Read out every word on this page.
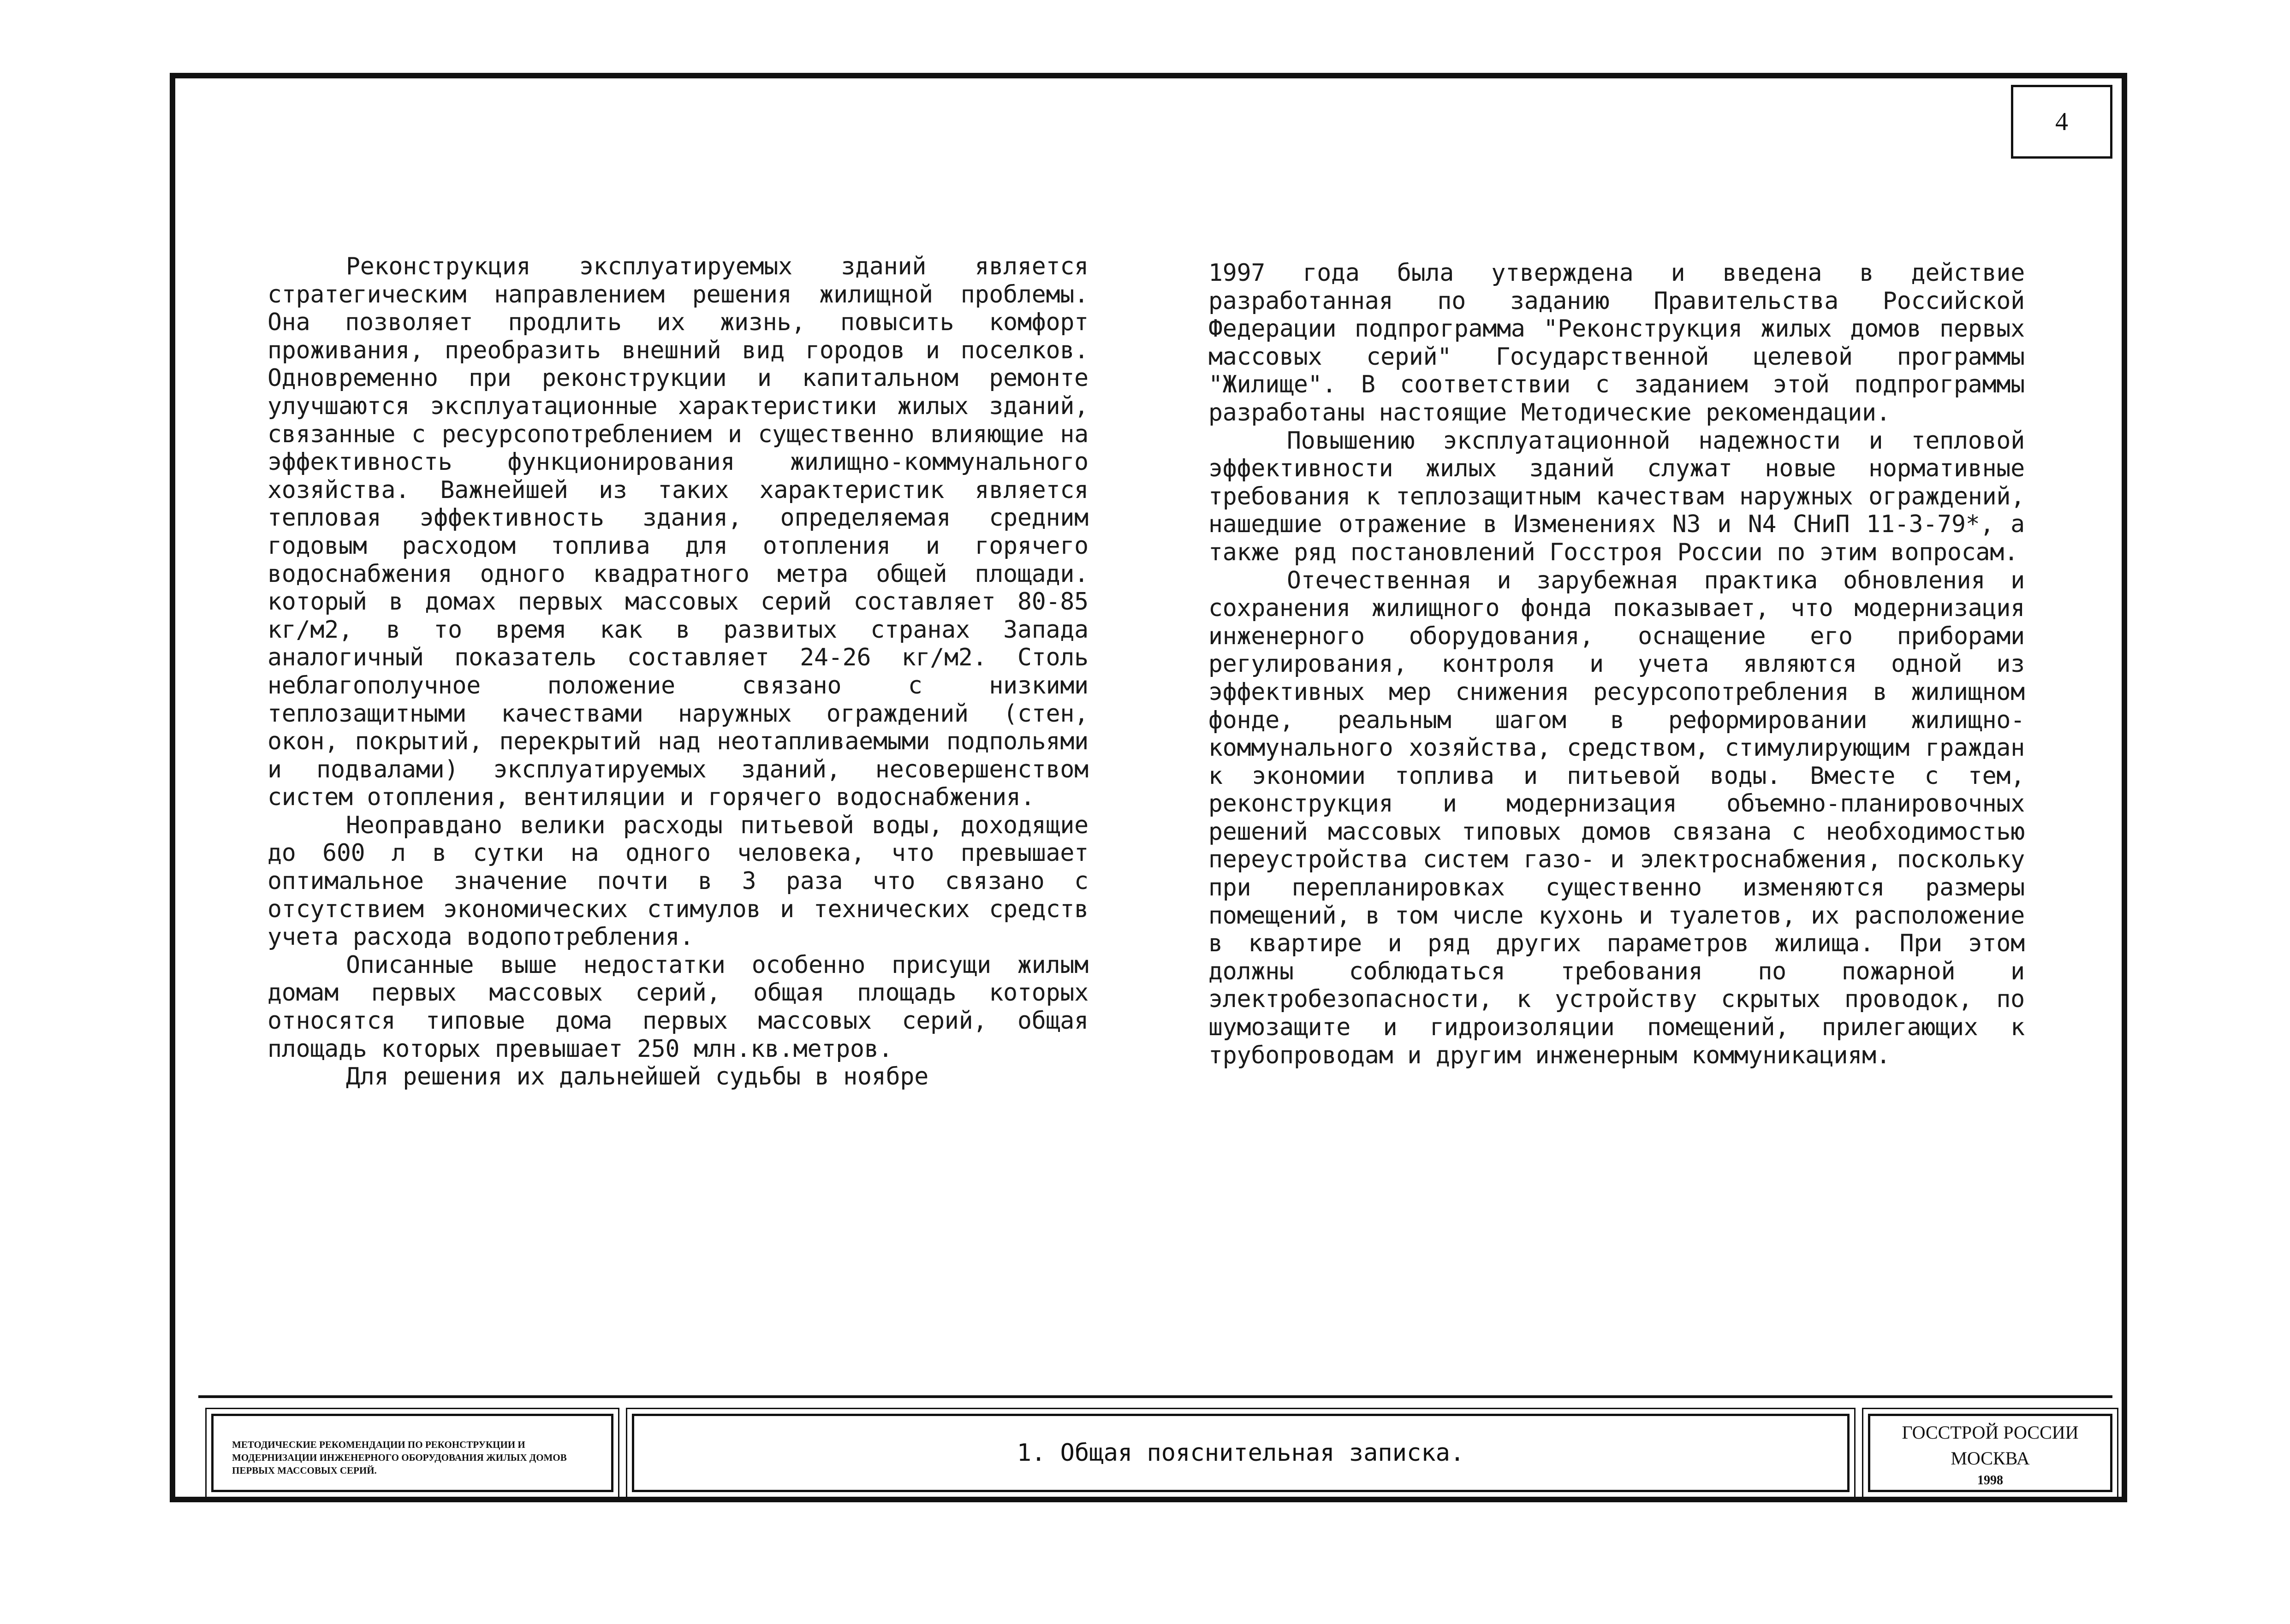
4

Реконструкция эксплуатируемых зданий является стратегическим направлением решения жилищной проблемы. Она позволяет продлить их жизнь, повысить комфорт проживания, преобразить внешний вид городов и поселков. Одновременно при реконструкции и капитальном ремонте улучшаются эксплуатационные характеристики жилых зданий, связанные с ресурсопотреблением и существенно влияющие на эффективность функционирования жилищно-коммунального хозяйства. Важнейшей из таких характеристик является тепловая эффективность здания, определяемая средним годовым расходом топлива для отопления и горячего водоснабжения одного квадратного метра общей площади. который в домах первых массовых серий составляет 80-85 кг/м2, в то время как в развитых странах Запада аналогичный показатель составляет 24-26 кг/м2. Столь неблагополучное положение связано с низкими теплозащитными качествами наружных ограждений (стен, окон, покрытий, перекрытий над неотапливаемыми подпольями и подвалами) эксплуатируемых зданий, несовершенством систем отопления, вентиляции и горячего водоснабжения.

Неоправдано велики расходы питьевой воды, доходящие до 600 л в сутки на одного человека, что превышает оптимальное значение почти в 3 раза что связано с отсутствием экономических стимулов и технических средств учета расхода водопотребления.

Описанные выше недостатки особенно присущи жилым домам первых массовых серий, общая площадь которых относятся типовые дома первых массовых серий, общая площадь которых превышает 250 млн.кв.метров.

Для решения их дальнейшей судьбы в ноябре

1997 года была утверждена и введена в действие разработанная по заданию Правительства Российской Федерации подпрограмма "Реконструкция жилых домов первых массовых серий" Государственной целевой программы "Жилище". В соответствии с заданием этой подпрограммы разработаны настоящие Методические рекомендации.

Повышению эксплуатационной надежности и тепловой эффективности жилых зданий служат новые нормативные требования к теплозащитным качествам наружных ограждений, нашедшие отражение в Изменениях N3 и N4 СНиП 11-3-79*, а также ряд постановлений Госстроя России по этим вопросам.

Отечественная и зарубежная практика обновления и сохранения жилищного фонда показывает, что модернизация инженерного оборудования, оснащение его приборами регулирования, контроля и учета являются одной из эффективных мер снижения ресурсопотребления в жилищном фонде, реальным шагом в реформировании жилищно-коммунального хозяйства, средством, стимулирующим граждан к экономии топлива и питьевой воды. Вместе с тем, реконструкция и модернизация объемно-планировочных решений массовых типовых домов связана с необходимостью переустройства систем газо- и электроснабжения, поскольку при перепланировках существенно изменяются размеры помещений, в том числе кухонь и туалетов, их расположение в квартире и ряд других параметров жилища. При этом должны соблюдаться требования по пожарной и электробезопасности, к устройству скрытых проводок, по шумозащите и гидроизоляции помещений, прилегающих к трубопроводам и другим инженерным коммуникациям.

МЕТОДИЧЕСКИЕ РЕКОМЕНДАЦИИ ПО РЕКОНСТРУКЦИИ И МОДЕРНИЗАЦИИ ИНЖЕНЕРНОГО ОБОРУДОВАНИЯ ЖИЛЫХ ДОМОВ ПЕРВЫХ МАССОВЫХ СЕРИЙ.
1. Общая пояснительная записка.
ГОССТРОЙ РОССИИ
МОСКВА
1998
